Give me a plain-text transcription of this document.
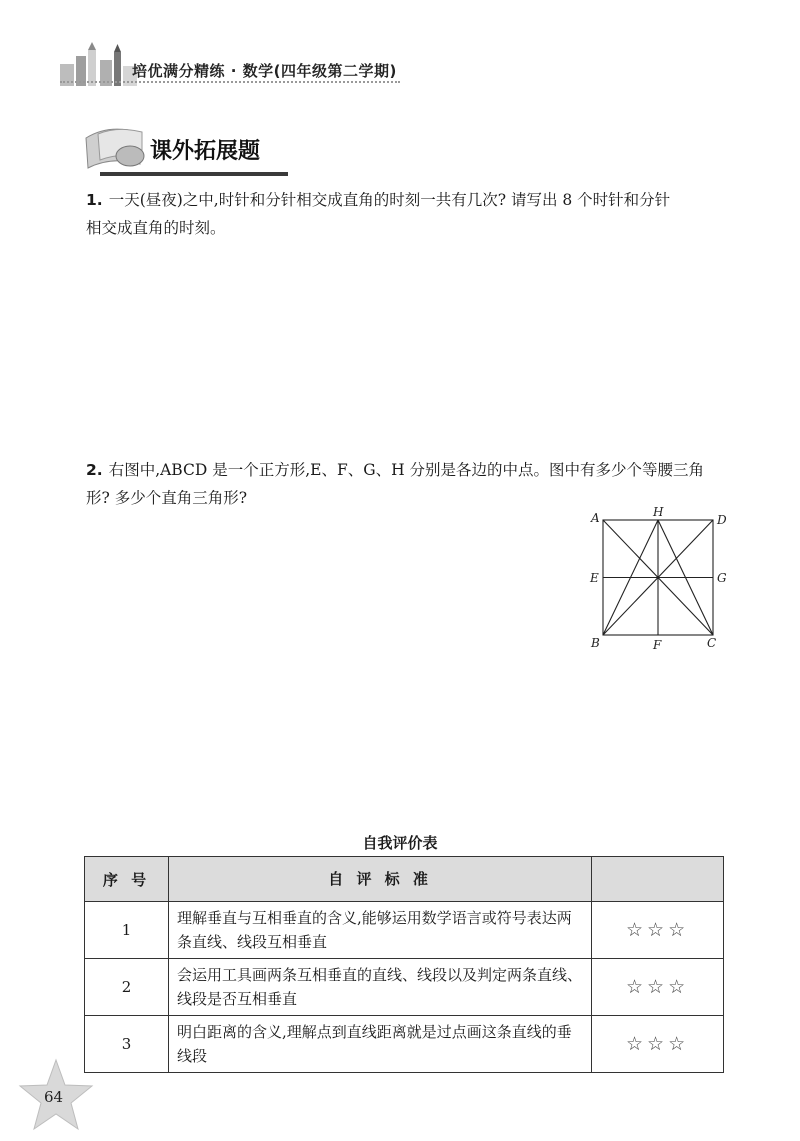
培优满分精练 · 数学(四年级第二学期)
课外拓展题
1. 一天(昼夜)之中,时针和分针相交成直角的时刻一共有几次? 请写出 8 个时针和分针
相交成直角的时刻。
2. 右图中,ABCD 是一个正方形,E、F、G、H 分别是各边的中点。图中有多少个等腰三角
形? 多少个直角三角形?
A	H
D
E	G
B	F	C
自我评价表
序 号	自 评 标 准	
1	理解垂直与互相垂直的含义,能够运用数学语言或符号表达两条直线、线段互相垂直	☆☆☆
2	会运用工具画两条互相垂直的直线、线段以及判定两条直线、线段是否互相垂直	☆☆☆
3	明白距离的含义,理解点到直线距离就是过点画这条直线的垂线段	☆☆☆
64
